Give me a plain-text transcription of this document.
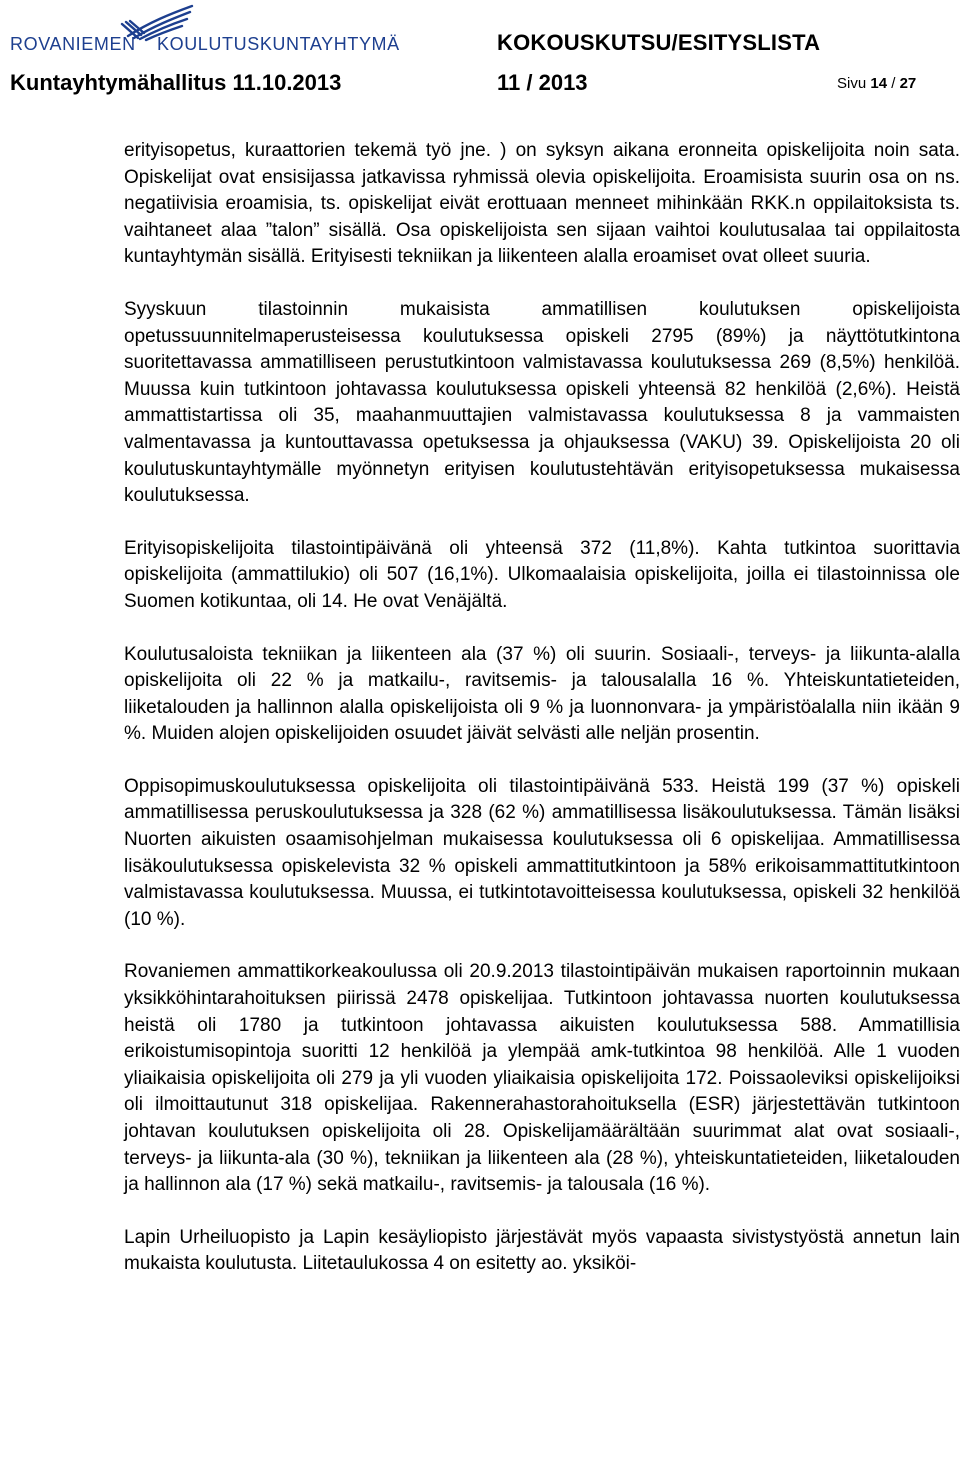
ROVANIEMEN KOULUTUSKUNTAYHTYMÄ	KOKOUSKUTSU/ESITYSLISTA
Kuntayhtymähallitus 11.10.2013	11 / 2013	Sivu 14 / 27

erityisopetus, kuraattorien tekemä työ jne. ) on syksyn aikana eronneita opiskelijoita noin sata. Opiskelijat ovat ensisijassa jatkavissa ryhmissä olevia opiskelijoita. Eroamisista suurin osa on ns. negatiivisia eroamisia, ts. opiskelijat eivät erottuaan menneet mihinkään RKK.n oppilaitoksista ts. vaihtaneet alaa ”talon” sisällä. Osa opiskelijoista sen sijaan vaihtoi koulutusalaa tai oppilaitosta kuntayhtymän sisällä. Erityisesti tekniikan ja liikenteen alalla eroamiset ovat olleet suuria.

Syyskuun tilastoinnin mukaisista ammatillisen koulutuksen opiskelijoista opetussuunnitelmaperusteisessa koulutuksessa opiskeli 2795 (89%) ja näyttötutkintona suoritettavassa ammatilliseen perustutkintoon valmistavassa koulutuksessa 269 (8,5%) henkilöä. Muussa kuin tutkintoon johtavassa koulutuksessa opiskeli yhteensä 82 henkilöä (2,6%). Heistä ammattistartissa oli 35, maahanmuuttajien valmistavassa koulutuksessa 8 ja vammaisten valmentavassa ja kuntouttavassa opetuksessa ja ohjauksessa (VAKU) 39. Opiskelijoista 20 oli koulutuskuntayhtymälle myönnetyn erityisen koulutustehtävän erityisopetuksessa mukaisessa koulutuksessa.

Erityisopiskelijoita tilastointipäivänä oli yhteensä 372 (11,8%). Kahta tutkintoa suorittavia opiskelijoita (ammattilukio) oli 507 (16,1%). Ulkomaalaisia opiskelijoita, joilla ei tilastoinnissa ole Suomen kotikuntaa, oli 14. He ovat Venäjältä.

Koulutusaloista tekniikan ja liikenteen ala (37 %) oli suurin. Sosiaali-, terveys- ja liikunta-alalla opiskelijoita oli 22 % ja matkailu-, ravitsemis- ja talousalalla 16 %. Yhteiskuntatieteiden, liiketalouden ja hallinnon alalla opiskelijoista oli 9 % ja luonnonvara- ja ympäristöalalla niin ikään 9 %. Muiden alojen opiskelijoiden osuudet jäivät selvästi alle neljän prosentin.

Oppisopimuskoulutuksessa opiskelijoita oli tilastointipäivänä 533. Heistä 199 (37 %) opiskeli ammatillisessa peruskoulutuksessa ja 328 (62 %) ammatillisessa lisäkoulutuksessa. Tämän lisäksi Nuorten aikuisten osaamisohjelman mukaisessa koulutuksessa oli 6 opiskelijaa. Ammatillisessa lisäkoulutuksessa opiskelevista 32 % opiskeli ammattitutkintoon ja 58% erikoisammattitutkintoon valmistavassa koulutuksessa. Muussa, ei tutkintotavoitteisessa koulutuksessa, opiskeli 32 henkilöä (10 %).

Rovaniemen ammattikorkeakoulussa oli 20.9.2013 tilastointipäivän mukaisen raportoinnin mukaan yksikköhintarahoituksen piirissä 2478 opiskelijaa. Tutkintoon johtavassa nuorten koulutuksessa heistä oli 1780 ja tutkintoon johtavassa aikuisten koulutuksessa 588. Ammatillisia erikoistumisopintoja suoritti 12 henkilöä ja ylempää amk-tutkintoa 98 henkilöä. Alle 1 vuoden yliaikaisia opiskelijoita oli 279 ja yli vuoden yliaikaisia opiskelijoita 172. Poissaoleviksi opiskelijoiksi oli ilmoittautunut 318 opiskelijaa. Rakennerahastorahoituksella (ESR) järjestettävän tutkintoon johtavan koulutuksen opiskelijoita oli 28. Opiskelijamäärältään suurimmat alat ovat sosiaali-, terveys- ja liikunta-ala (30 %), tekniikan ja liikenteen ala (28 %), yhteiskuntatieteiden, liiketalouden ja hallinnon ala (17 %) sekä matkailu-, ravitsemis- ja talousala (16 %).

Lapin Urheiluopisto ja Lapin kesäyliopisto järjestävät myös vapaasta sivistystyöstä annetun lain mukaista koulutusta. Liitetaulukossa 4 on esitetty ao. yksiköi-
